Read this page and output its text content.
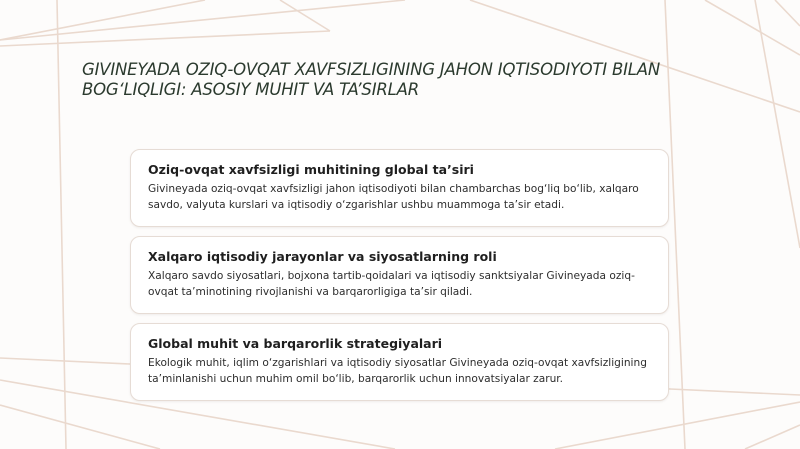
GIVINEYADA OZIQ-OVQAT XAVFSIZLIGINING JAHON IQTISODIYOTI BILAN BOG‘LIQLIGI: ASOSIY MUHIT VA TA’SIRLAR
Oziq-ovqat xavfsizligi muhitining global ta’siri

Givineyada oziq-ovqat xavfsizligi jahon iqtisodiyoti bilan chambarchas bog‘liq bo‘lib, xalqaro savdo, valyuta kurslari va iqtisodiy o‘zgarishlar ushbu muammoga ta’sir etadi.

Xalqaro iqtisodiy jarayonlar va siyosatlarning roli

Xalqaro savdo siyosatlari, bojxona tartib-qoidalari va iqtisodiy sanktsiyalar Givineyada oziq-ovqat ta’minotining rivojlanishi va barqarorligiga ta’sir qiladi.

Global muhit va barqarorlik strategiyalari

Ekologik muhit, iqlim o‘zgarishlari va iqtisodiy siyosatlar Givineyada oziq-ovqat xavfsizligining ta’minlanishi uchun muhim omil bo‘lib, barqarorlik uchun innovatsiyalar zarur.
